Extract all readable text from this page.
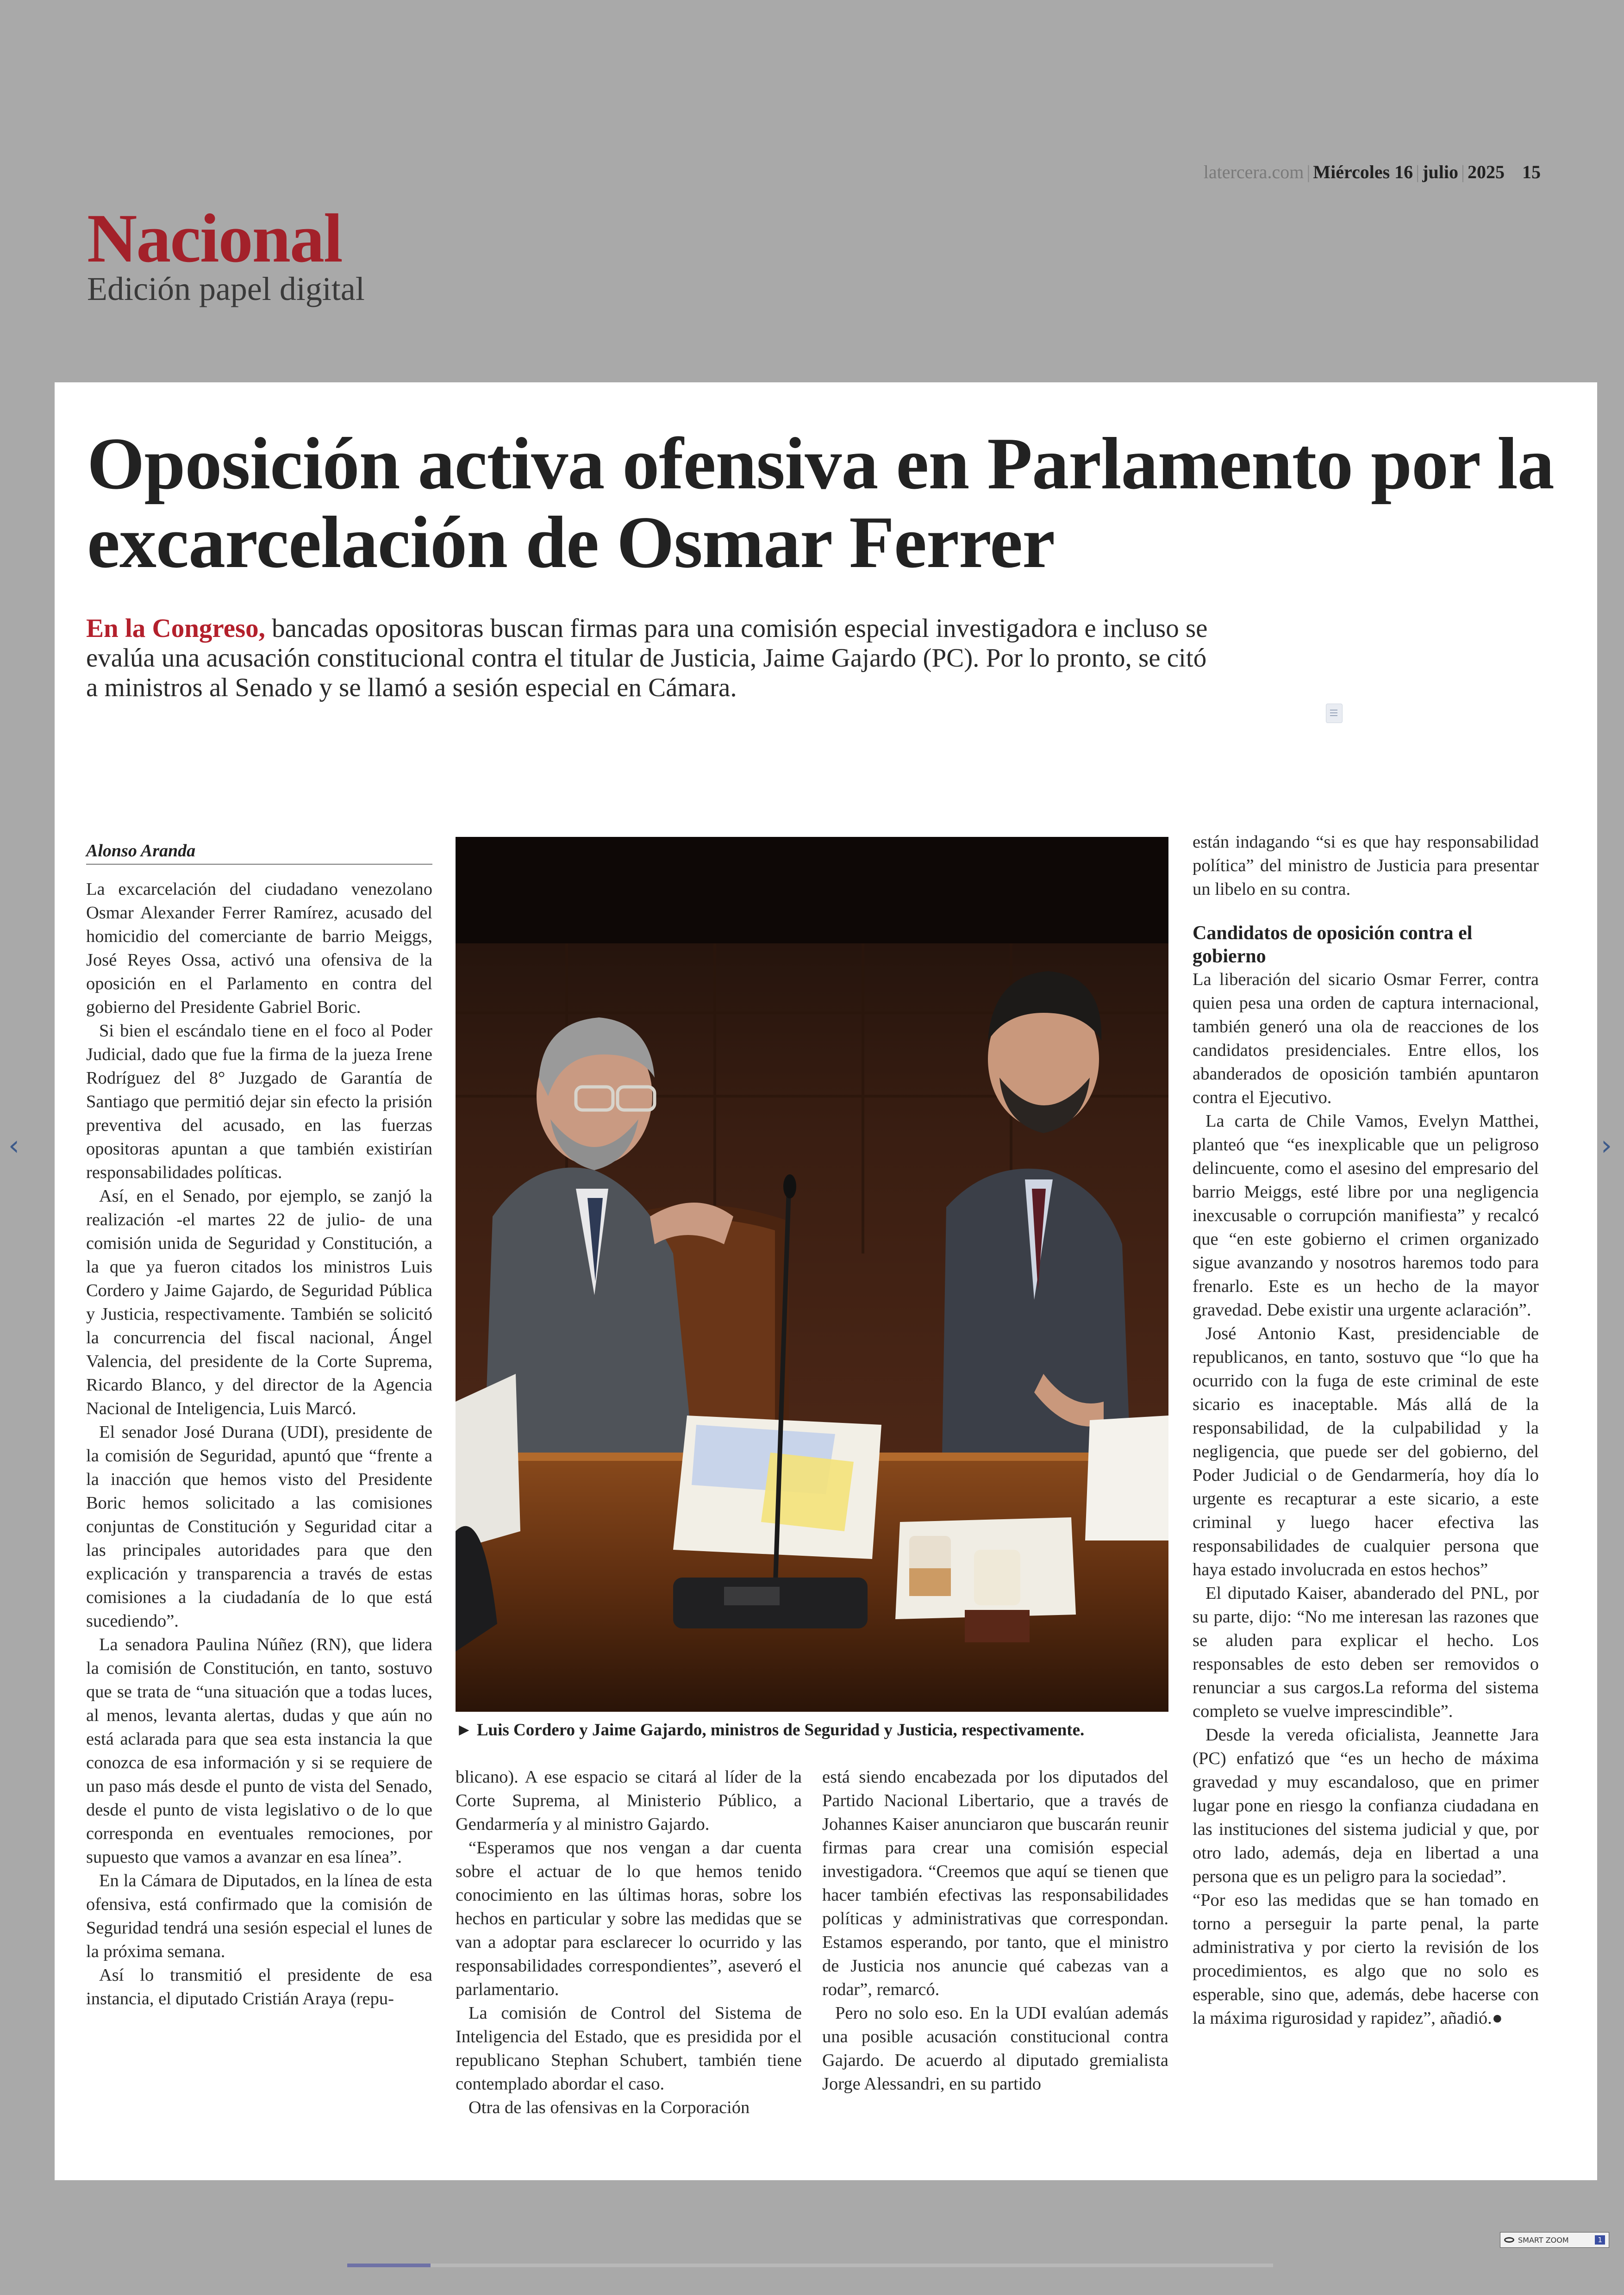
latercera.com | Miércoles 16 | julio | 2025 15
Nacional
Edición papel digital
Oposición activa ofensiva en Parlamento por la excarcelación de Osmar Ferrer
En la Congreso, bancadas opositoras buscan firmas para una comisión especial investigadora e incluso se evalúa una acusación constitucional contra el titular de Justicia, Jaime Gajardo (PC). Por lo pronto, se citó a ministros al Senado y se llamó a sesión especial en Cámara.
Alonso Aranda

La excarcelación del ciudadano venezolano Osmar Alexander Ferrer Ramírez, acusado del homicidio del comerciante de barrio Meiggs, José Reyes Ossa, activó una ofensiva de la oposición en el Parlamento en contra del gobierno del Presidente Gabriel Boric.

Si bien el escándalo tiene en el foco al Poder Judicial, dado que fue la firma de la jueza Irene Rodríguez del 8° Juzgado de Garantía de Santiago que permitió dejar sin efecto la prisión preventiva del acusado, en las fuerzas opositoras apuntan a que también existirían responsabilidades políticas.

Así, en el Senado, por ejemplo, se zanjó la realización -el martes 22 de julio- de una comisión unida de Seguridad y Constitución, a la que ya fueron citados los ministros Luis Cordero y Jaime Gajardo, de Seguridad Pública y Justicia, respectivamente. También se solicitó la concurrencia del fiscal nacional, Ángel Valencia, del presidente de la Corte Suprema, Ricardo Blanco, y del director de la Agencia Nacional de Inteligencia, Luis Marcó.

El senador José Durana (UDI), presidente de la comisión de Seguridad, apuntó que “frente a la inacción que hemos visto del Presidente Boric hemos solicitado a las comisiones conjuntas de Constitución y Seguridad citar a las principales autoridades para que den explicación y transparencia a través de estas comisiones a la ciudadanía de lo que está sucediendo”.

La senadora Paulina Núñez (RN), que lidera la comisión de Constitución, en tanto, sostuvo que se trata de “una situación que a todas luces, al menos, levanta alertas, dudas y que aún no está aclarada para que sea esta instancia la que conozca de esa información y si se requiere de un paso más desde el punto de vista del Senado, desde el punto de vista legislativo o de lo que corresponda en eventuales remociones, por supuesto que vamos a avanzar en esa línea”.

En la Cámara de Diputados, en la línea de esta ofensiva, está confirmado que la comisión de Seguridad tendrá una sesión especial el lunes de la próxima semana.

Así lo transmitió el presidente de esa instancia, el diputado Cristián Araya (repu-

► Luis Cordero y Jaime Gajardo, ministros de Seguridad y Justicia, respectivamente.

blicano). A ese espacio se citará al líder de la Corte Suprema, al Ministerio Público, a Gendarmería y al ministro Gajardo.

“Esperamos que nos vengan a dar cuenta sobre el actuar de lo que hemos tenido conocimiento en las últimas horas, sobre los hechos en particular y sobre las medidas que se van a adoptar para esclarecer lo ocurrido y las responsabilidades correspondientes”, aseveró el parlamentario.

La comisión de Control del Sistema de Inteligencia del Estado, que es presidida por el republicano Stephan Schubert, también tiene contemplado abordar el caso.

Otra de las ofensivas en la Corporación

está siendo encabezada por los diputados del Partido Nacional Libertario, que a través de Johannes Kaiser anunciaron que buscarán reunir firmas para crear una comisión especial investigadora. “Creemos que aquí se tienen que hacer también efectivas las responsabilidades políticas y administrativas que correspondan. Estamos esperando, por tanto, que el ministro de Justicia nos anuncie qué cabezas van a rodar”, remarcó.

Pero no solo eso. En la UDI evalúan además una posible acusación constitucional contra Gajardo. De acuerdo al diputado gremialista Jorge Alessandri, en su partido

están indagando “si es que hay responsabilidad política” del ministro de Justicia para presentar un libelo en su contra.

Candidatos de oposición contra el gobierno

La liberación del sicario Osmar Ferrer, contra quien pesa una orden de captura internacional, también generó una ola de reacciones de los candidatos presidenciales. Entre ellos, los abanderados de oposición también apuntaron contra el Ejecutivo.

La carta de Chile Vamos, Evelyn Matthei, planteó que “es inexplicable que un peligroso delincuente, como el asesino del empresario del barrio Meiggs, esté libre por una negligencia inexcusable o corrupción manifiesta” y recalcó que “en este gobierno el crimen organizado sigue avanzando y nosotros haremos todo para frenarlo. Este es un hecho de la mayor gravedad. Debe existir una urgente aclaración”.

José Antonio Kast, presidenciable de republicanos, en tanto, sostuvo que “lo que ha ocurrido con la fuga de este criminal de este sicario es inaceptable. Más allá de la responsabilidad, de la culpabilidad y la negligencia, que puede ser del gobierno, del Poder Judicial o de Gendarmería, hoy día lo urgente es recapturar a este sicario, a este criminal y luego hacer efectiva las responsabilidades de cualquier persona que haya estado involucrada en estos hechos”

El diputado Kaiser, abanderado del PNL, por su parte, dijo: “No me interesan las razones que se aluden para explicar el hecho. Los responsables de esto deben ser removidos o renunciar a sus cargos.La reforma del sistema completo se vuelve imprescindible”.

Desde la vereda oficialista, Jeannette Jara (PC) enfatizó que “es un hecho de máxima gravedad y muy escandaloso, que en primer lugar pone en riesgo la confianza ciudadana en las instituciones del sistema judicial y que, por otro lado, además, deja en libertad a una persona que es un peligro para la sociedad”.

“Por eso las medidas que se han tomado en torno a perseguir la parte penal, la parte administrativa y por cierto la revisión de los procedimientos, es algo que no solo es esperable, sino que, además, debe hacerse con la máxima rigurosidad y rapidez”, añadió.

●
‹	›
SMART ZOOM	1
